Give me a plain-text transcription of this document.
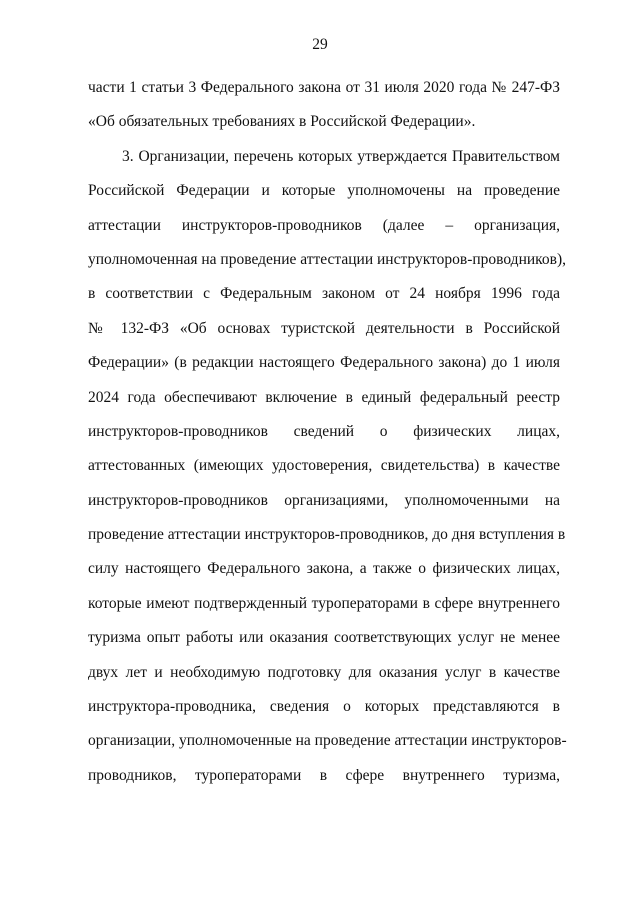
29
части 1 статьи 3 Федерального закона от 31 июля 2020 года № 247-ФЗ
«Об обязательных требованиях в Российской Федерации».
3. Организации, перечень которых утверждается Правительством
Российской Федерации и которые уполномочены на проведение
аттестации инструкторов-проводников (далее – организация,
уполномоченная на проведение аттестации инструкторов-проводников),
в соответствии с Федеральным законом от 24 ноября 1996 года
№ 132-ФЗ «Об основах туристской деятельности в Российской
Федерации» (в редакции настоящего Федерального закона) до 1 июля
2024 года обеспечивают включение в единый федеральный реестр
инструкторов-проводников сведений о физических лицах,
аттестованных (имеющих удостоверения, свидетельства) в качестве
инструкторов-проводников организациями, уполномоченными на
проведение аттестации инструкторов-проводников, до дня вступления в
силу настоящего Федерального закона, а также о физических лицах,
которые имеют подтвержденный туроператорами в сфере внутреннего
туризма опыт работы или оказания соответствующих услуг не менее
двух лет и необходимую подготовку для оказания услуг в качестве
инструктора-проводника, сведения о которых представляются в
организации, уполномоченные на проведение аттестации инструкторов-
проводников, туроператорами в сфере внутреннего туризма,
